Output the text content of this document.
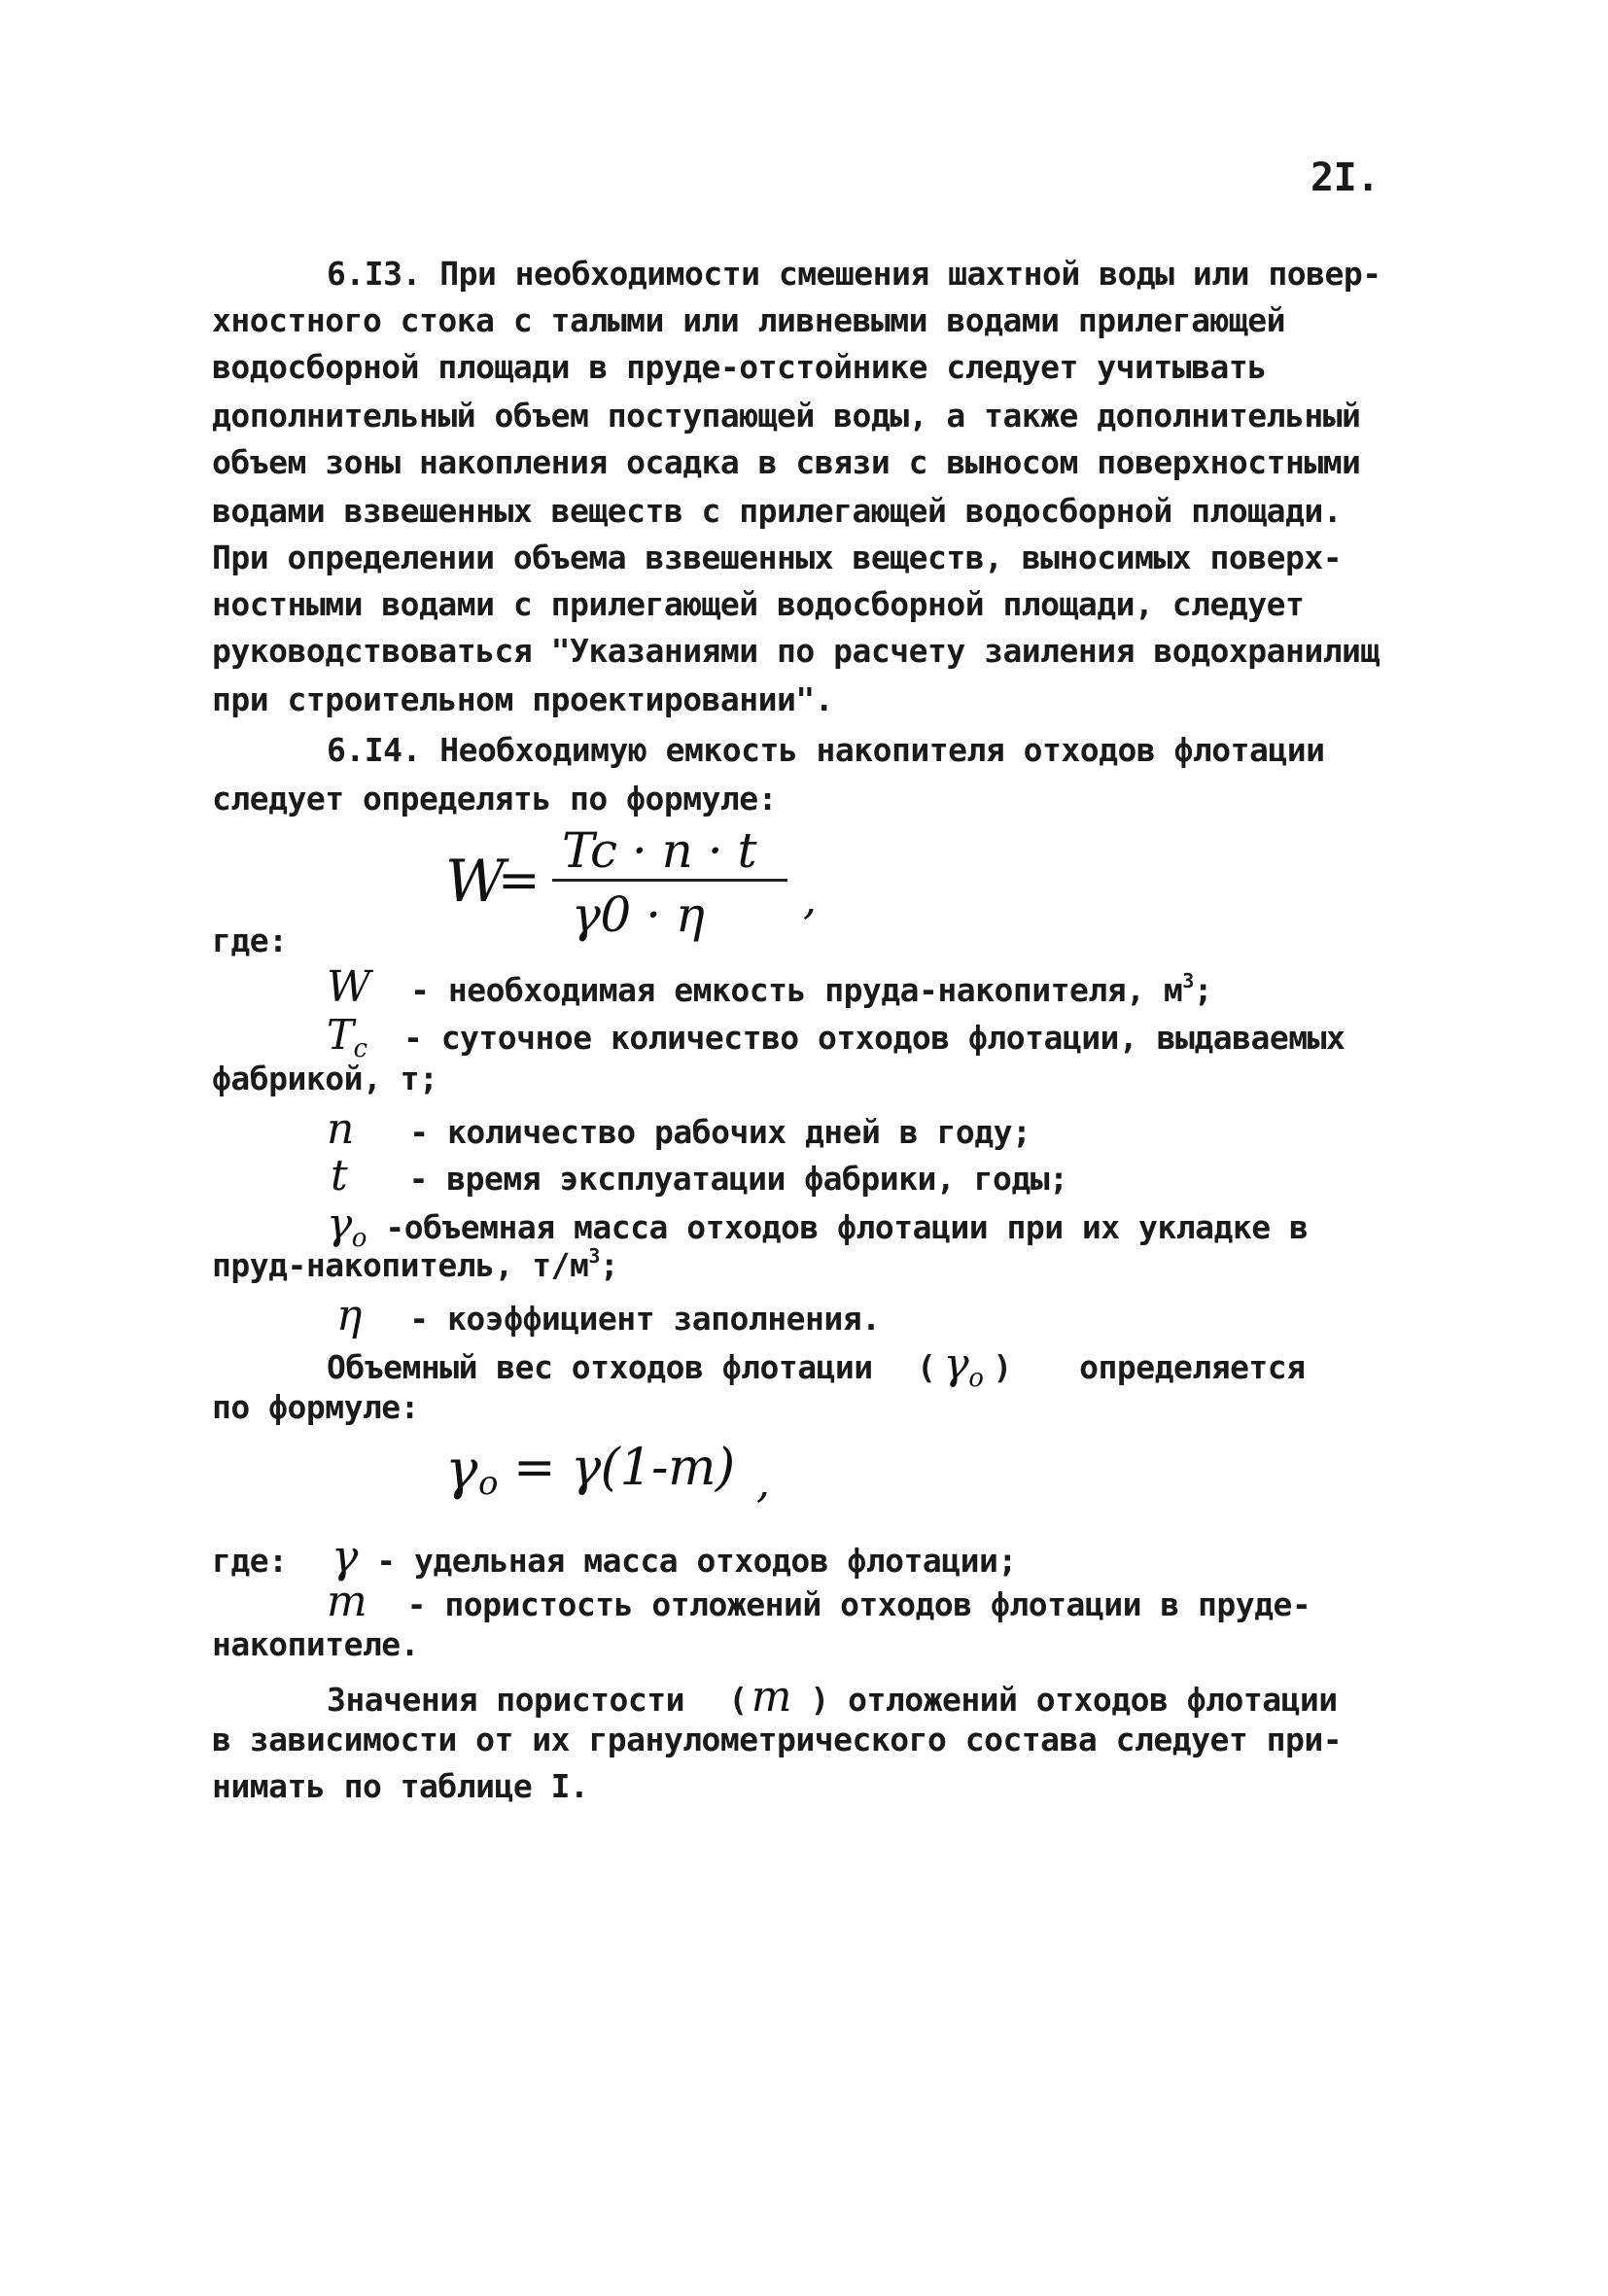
2I.
6.I3. При необходимости смешения шахтной воды или повер-
хностного стока с талыми или ливневыми водами прилегающей
водосборной площади в пруде-отстойнике следует учитывать
дополнительный объем поступающей воды, а также дополнительный
объем зоны накопления осадка в связи с выносом поверхностными
водами взвешенных веществ с прилегающей водосборной площади.
При определении объема взвешенных веществ, выносимых поверх-
ностными водами с прилегающей водосборной площади, следует
руководствоваться "Указаниями по расчету заиления водохранилищ
при строительном проектировании".
6.I4. Необходимую емкость накопителя отходов флотации
следует определять по формуле:
W
=
Tc · n · t
γ0 · η ,
где:
W - необходимая емкость пруда-накопителя, $м^3$;
$T_c$ - суточное количество отходов флотации, выдаваемых
фабрикой, т;
n - количество рабочих дней в году;
t - время эксплуатации фабрики, годы;
$\gamma_o$ -объемная масса отходов флотации при их укладке в
пруд-накопитель, $т/м^3$;
η - коэффициент заполнения.
Объемный вес отходов флотации ( $\gamma_o$ ) определяется
по формуле:
γ o = γ(1-m) ,
где: γ - удельная масса отходов флотации;
m - пористость отложений отходов флотации в пруде-
накопителе.
Значения пористости (m ) отложений отходов флотации
в зависимости от их гранулометрического состава следует при-
нимать по таблице I.
